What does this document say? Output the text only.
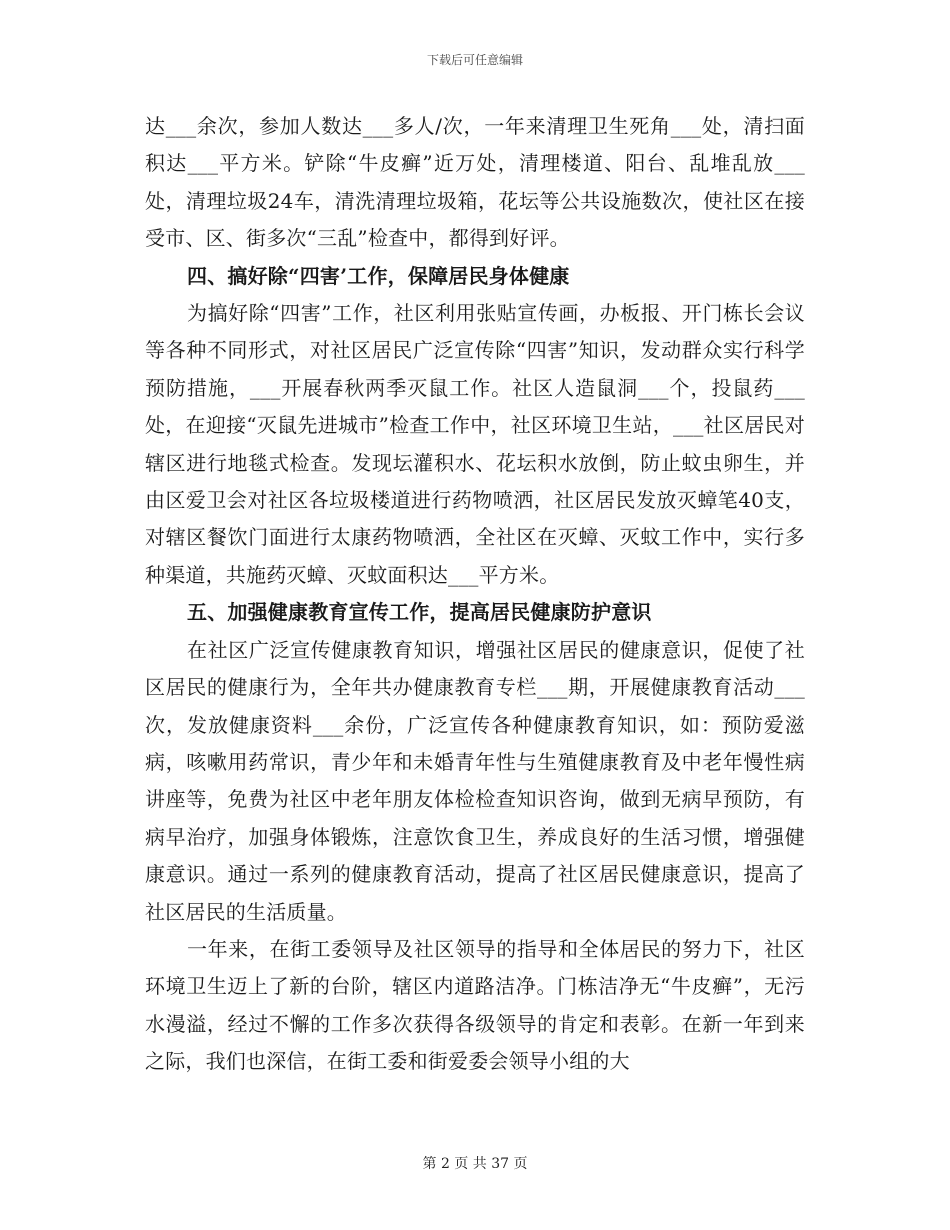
下载后可任意编辑

达___余次，参加人数达___多人/次，一年来清理卫生死角___处，清扫面积达___平方米。铲除“牛皮癣”近万处，清理楼道、阳台、乱堆乱放___处，清理垃圾24车，清洗清理垃圾箱，花坛等公共设施数次，使社区在接受市、区、街多次“三乱”检查中，都得到好评。

四、搞好除“四害’工作，保障居民身体健康

为搞好除“四害”工作，社区利用张贴宣传画，办板报、开门栋长会议等各种不同形式，对社区居民广泛宣传除“四害”知识，发动群众实行科学预防措施，___开展春秋两季灭鼠工作。社区人造鼠洞___个，投鼠药___处，在迎接“灭鼠先进城市”检查工作中，社区环境卫生站，___社区居民对辖区进行地毯式检查。发现坛灌积水、花坛积水放倒，防止蚊虫卵生，并由区爱卫会对社区各垃圾楼道进行药物喷洒，社区居民发放灭蟑笔40支，对辖区餐饮门面进行太康药物喷洒，全社区在灭蟑、灭蚊工作中，实行多种渠道，共施药灭蟑、灭蚊面积达___平方米。

五、加强健康教育宣传工作，提高居民健康防护意识

在社区广泛宣传健康教育知识，增强社区居民的健康意识，促使了社区居民的健康行为，全年共办健康教育专栏___期，开展健康教育活动___次，发放健康资料___余份，广泛宣传各种健康教育知识，如：预防爱滋病，咳嗽用药常识，青少年和未婚青年性与生殖健康教育及中老年慢性病讲座等，免费为社区中老年朋友体检检查知识咨询，做到无病早预防，有病早治疗，加强身体锻炼，注意饮食卫生，养成良好的生活习惯，增强健康意识。通过一系列的健康教育活动，提高了社区居民健康意识，提高了社区居民的生活质量。

一年来，在街工委领导及社区领导的指导和全体居民的努力下，社区环境卫生迈上了新的台阶，辖区内道路洁净。门栋洁净无“牛皮癣”，无污水漫溢，经过不懈的工作多次获得各级领导的肯定和表彰。在新一年到来之际，我们也深信，在街工委和街爱委会领导小组的大

第 2 页 共 37 页
